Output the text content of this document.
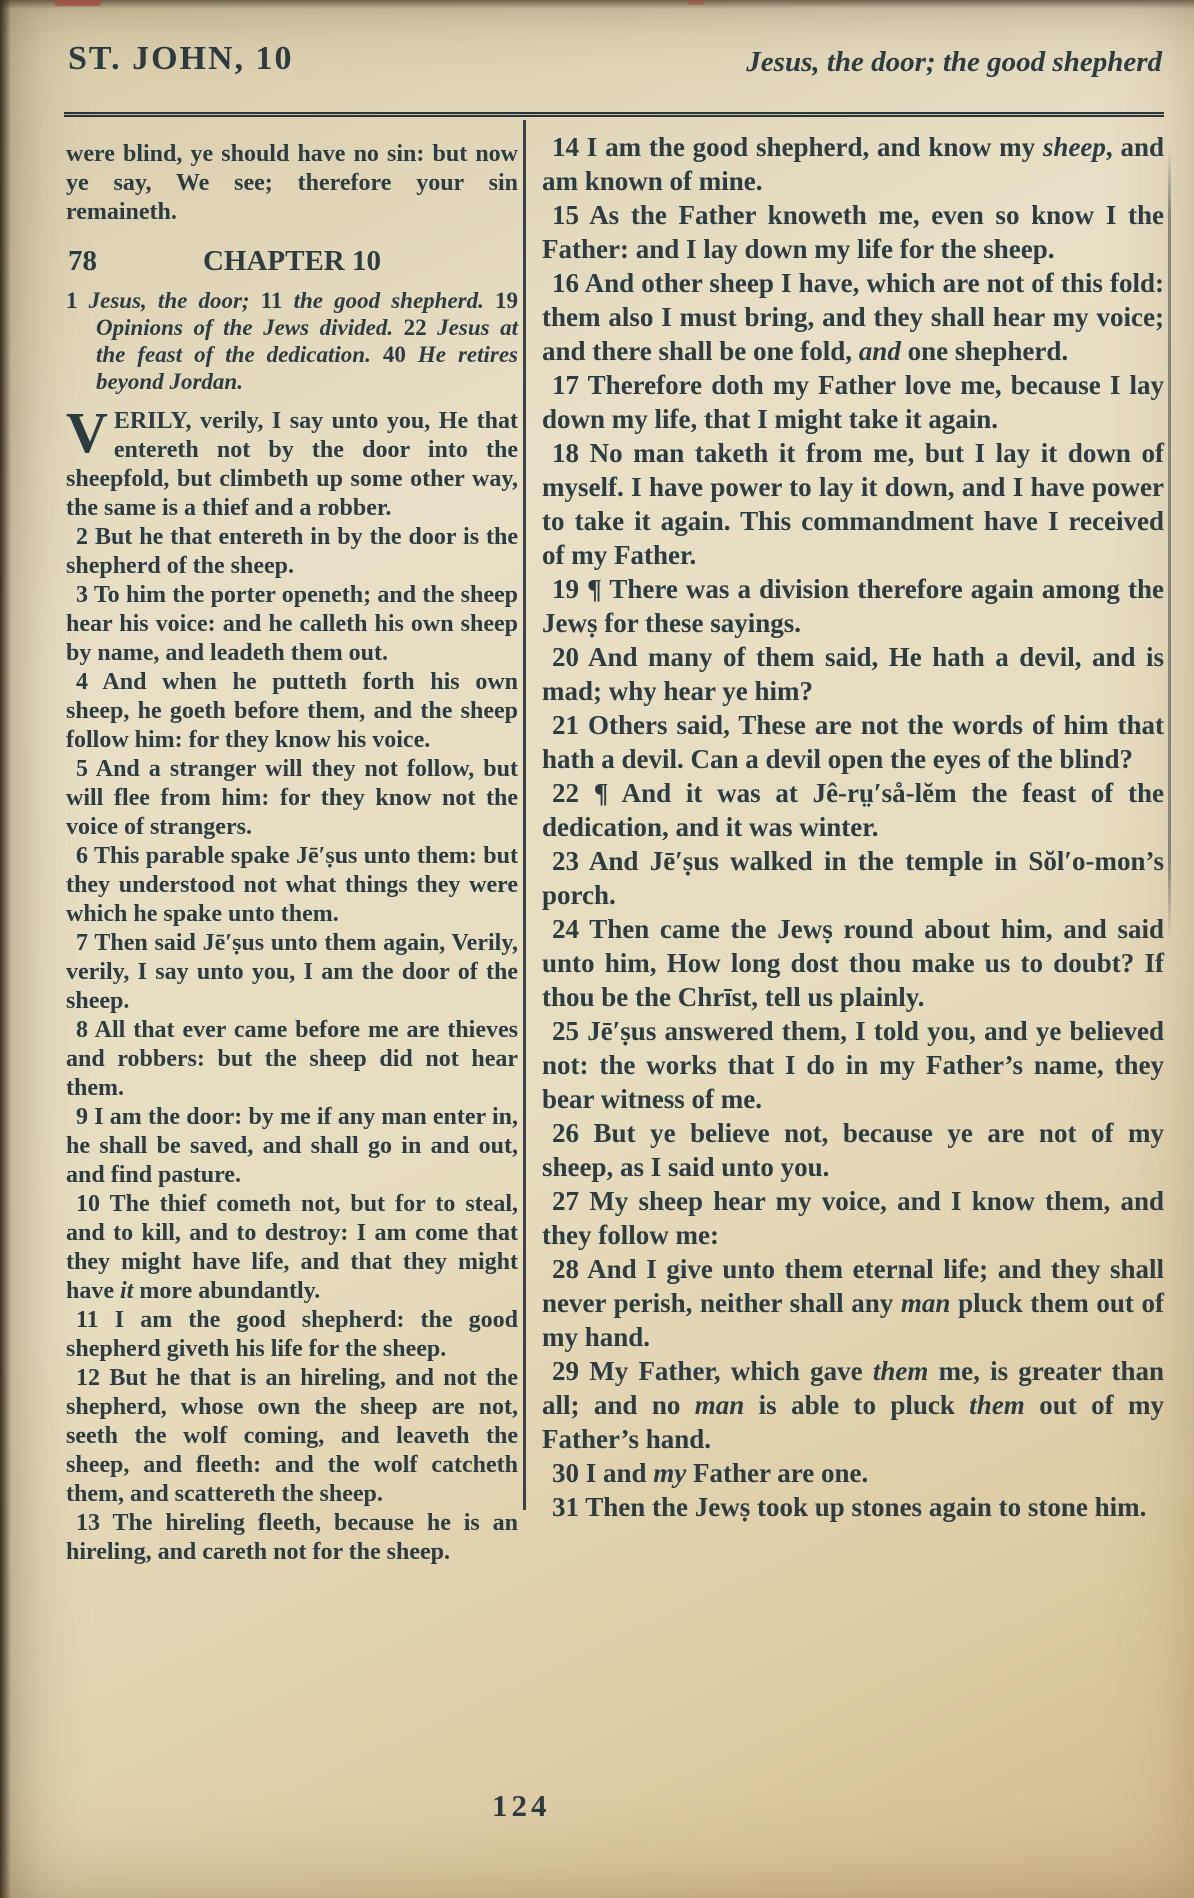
ST. JOHN, 10	Jesus, the door; the good shepherd

were blind, ye should have no sin: but now ye say, We see; therefore your sin remaineth.

78	CHAPTER 10
1 Jesus, the door; 11 the good shepherd. 19 Opinions of the Jews divided. 22 Jesus at the feast of the dedication. 40 He retires beyond Jordan.

VERILY, verily, I say unto you, He that entereth not by the door into the sheepfold, but climbeth up some other way, the same is a thief and a robber.

2 But he that entereth in by the door is the shepherd of the sheep.

3 To him the porter openeth; and the sheep hear his voice: and he calleth his own sheep by name, and leadeth them out.

4 And when he putteth forth his own sheep, he goeth before them, and the sheep follow him: for they know his voice.

5 And a stranger will they not follow, but will flee from him: for they know not the voice of strangers.

6 This parable spake Jē′ṣus unto them: but they understood not what things they were which he spake unto them.

7 Then said Jē′ṣus unto them again, Verily, verily, I say unto you, I am the door of the sheep.

8 All that ever came before me are thieves and robbers: but the sheep did not hear them.

9 I am the door: by me if any man enter in, he shall be saved, and shall go in and out, and find pasture.

10 The thief cometh not, but for to steal, and to kill, and to destroy: I am come that they might have life, and that they might have it more abundantly.

11 I am the good shepherd: the good shepherd giveth his life for the sheep.

12 But he that is an hireling, and not the shepherd, whose own the sheep are not, seeth the wolf coming, and leaveth the sheep, and fleeth: and the wolf catcheth them, and scattereth the sheep.

13 The hireling fleeth, because he is an hireling, and careth not for the sheep.

14 I am the good shepherd, and know my sheep, and am known of mine.

15 As the Father knoweth me, even so know I the Father: and I lay down my life for the sheep.

16 And other sheep I have, which are not of this fold: them also I must bring, and they shall hear my voice; and there shall be one fold, and one shepherd.

17 Therefore doth my Father love me, because I lay down my life, that I might take it again.

18 No man taketh it from me, but I lay it down of myself. I have power to lay it down, and I have power to take it again. This commandment have I received of my Father.

19 ¶ There was a division therefore again among the Jewṣ for these sayings.

20 And many of them said, He hath a devil, and is mad; why hear ye him?

21 Others said, These are not the words of him that hath a devil. Can a devil open the eyes of the blind?

22 ¶ And it was at Jê-rṳ′så-lĕm the feast of the dedication, and it was winter.

23 And Jē′ṣus walked in the temple in Sŏl′o-mon’s porch.

24 Then came the Jewṣ round about him, and said unto him, How long dost thou make us to doubt? If thou be the Chrīst, tell us plainly.

25 Jē′ṣus answered them, I told you, and ye believed not: the works that I do in my Father’s name, they bear witness of me.

26 But ye believe not, because ye are not of my sheep, as I said unto you.

27 My sheep hear my voice, and I know them, and they follow me:

28 And I give unto them eternal life; and they shall never perish, neither shall any man pluck them out of my hand.

29 My Father, which gave them me, is greater than all; and no man is able to pluck them out of my Father’s hand.

30 I and my Father are one.

31 Then the Jewṣ took up stones again to stone him.

124
